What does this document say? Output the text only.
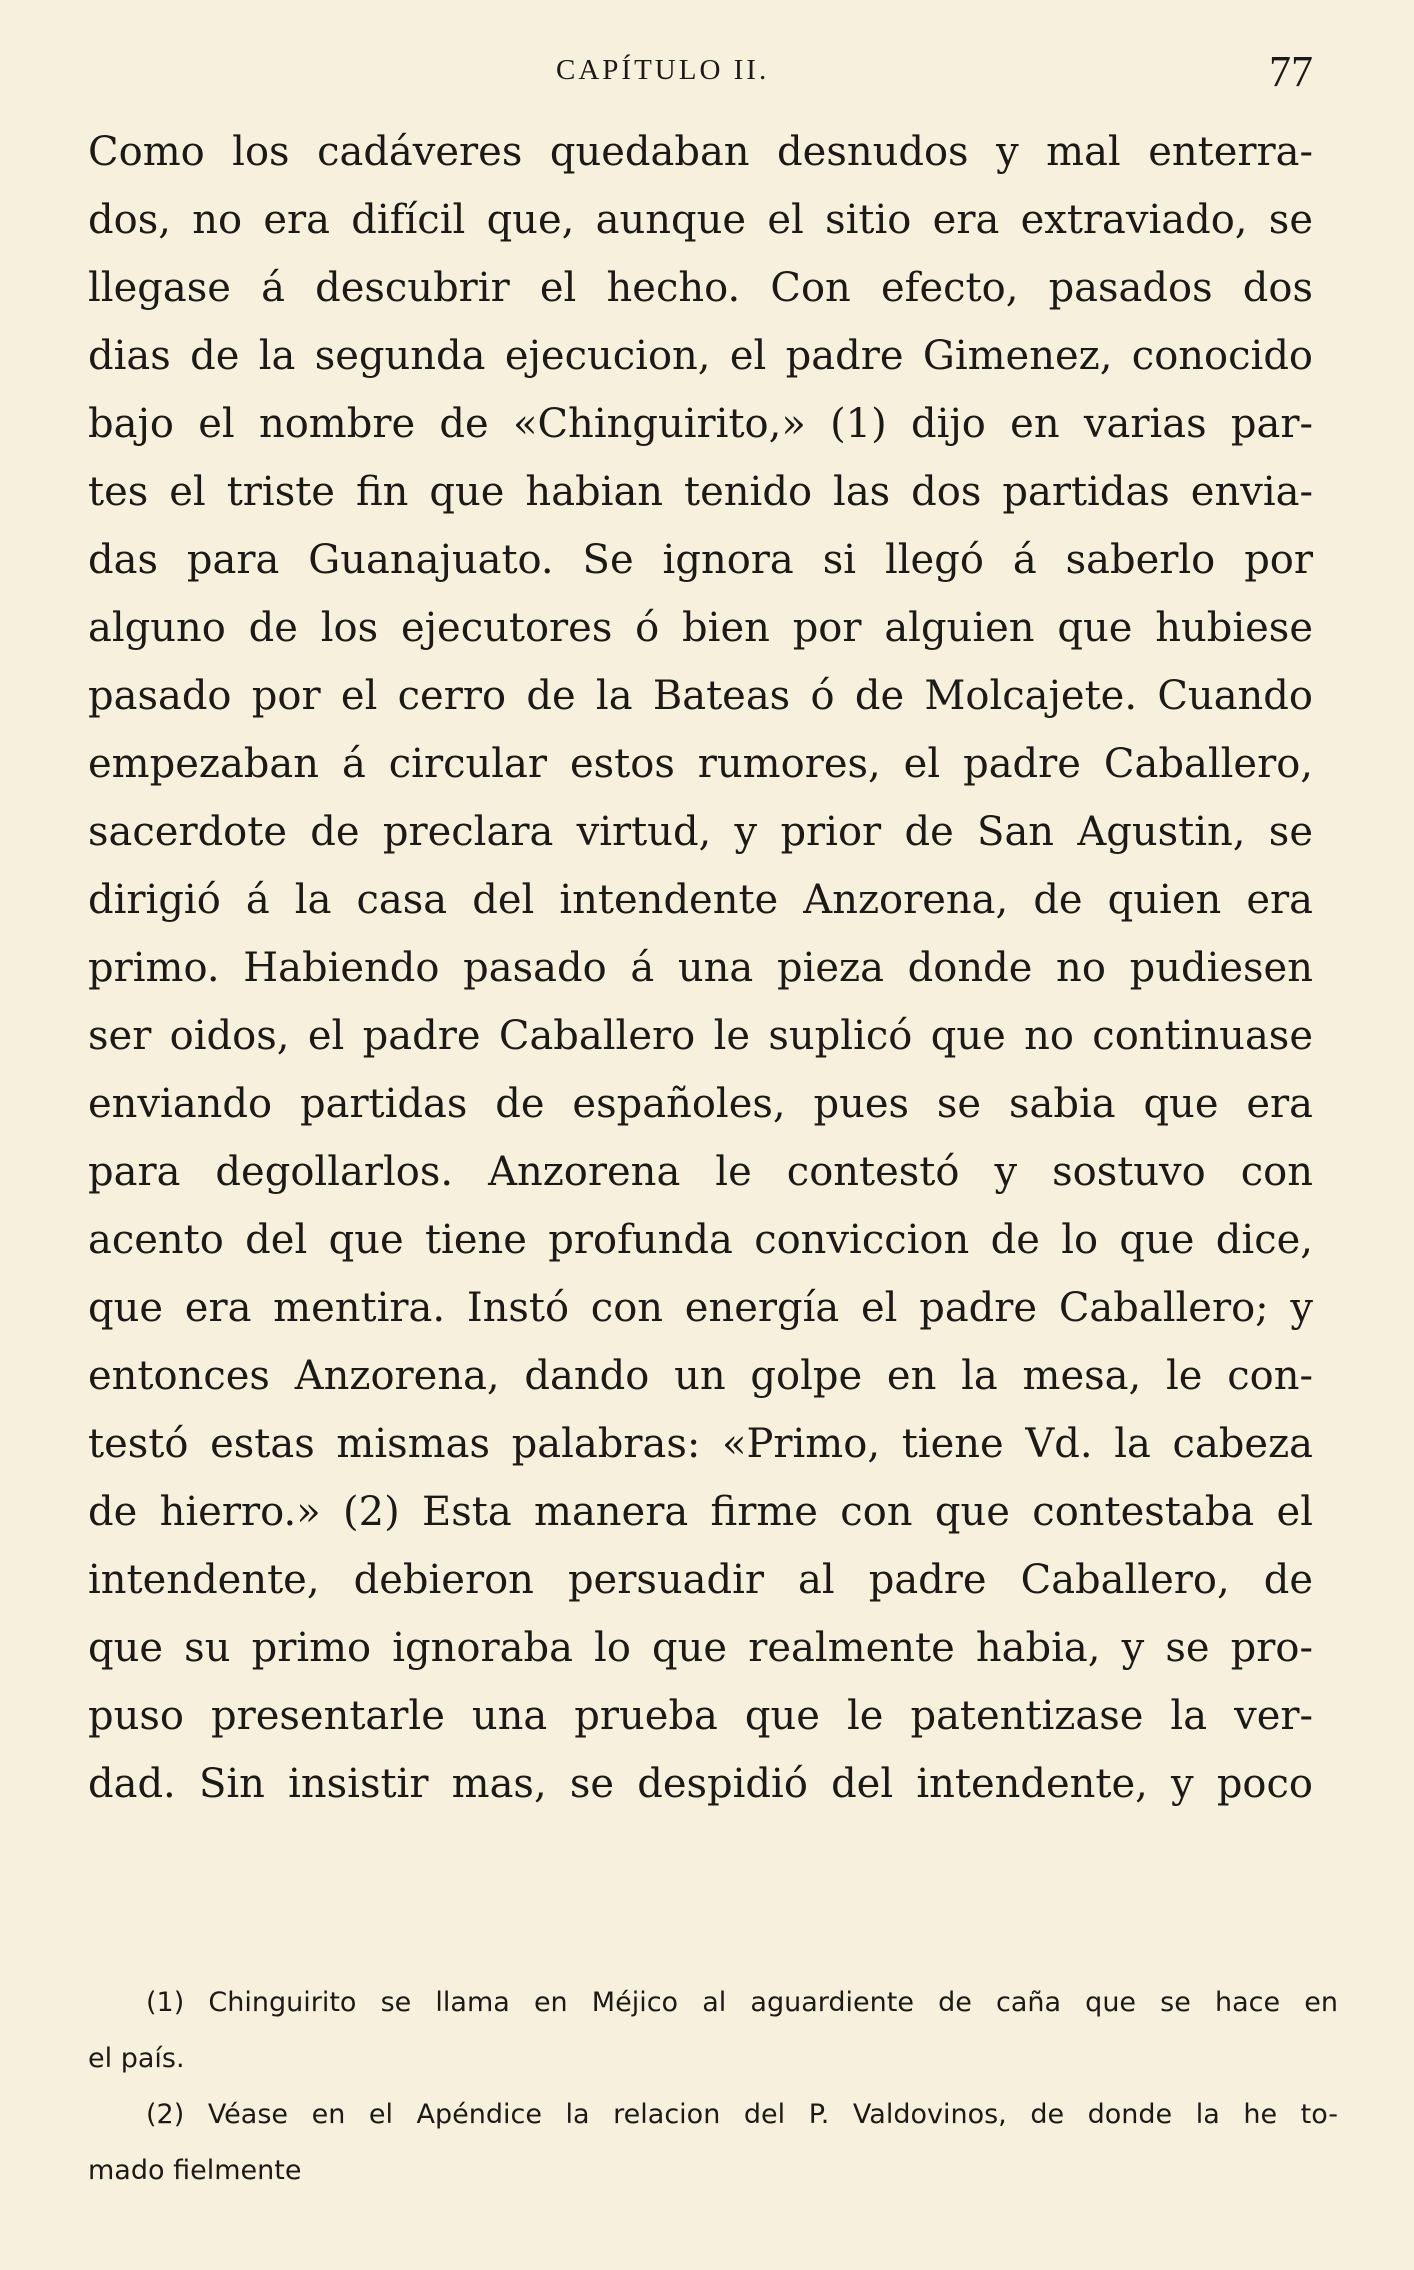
CAPÍTULO II.	77
Como los cadáveres quedaban desnudos y mal enterra-
dos, no era difícil que, aunque el sitio era extraviado, se
llegase á descubrir el hecho. Con efecto, pasados dos
dias de la segunda ejecucion, el padre Gimenez, conocido
bajo el nombre de «Chinguirito,» (1) dijo en varias par-
tes el triste fin que habian tenido las dos partidas envia-
das para Guanajuato. Se ignora si llegó á saberlo por
alguno de los ejecutores ó bien por alguien que hubiese
pasado por el cerro de la Bateas ó de Molcajete. Cuando
empezaban á circular estos rumores, el padre Caballero,
sacerdote de preclara virtud, y prior de San Agustin, se
dirigió á la casa del intendente Anzorena, de quien era
primo. Habiendo pasado á una pieza donde no pudiesen
ser oidos, el padre Caballero le suplicó que no continuase
enviando partidas de españoles, pues se sabia que era
para degollarlos. Anzorena le contestó y sostuvo con
acento del que tiene profunda conviccion de lo que dice,
que era mentira. Instó con energía el padre Caballero; y
entonces Anzorena, dando un golpe en la mesa, le con-
testó estas mismas palabras: «Primo, tiene Vd. la cabeza
de hierro.» (2) Esta manera firme con que contestaba el
intendente, debieron persuadir al padre Caballero, de
que su primo ignoraba lo que realmente habia, y se pro-
puso presentarle una prueba que le patentizase la ver-
dad. Sin insistir mas, se despidió del intendente, y poco
(1) Chinguirito se llama en Méjico al aguardiente de caña que se hace en
el país.
(2) Véase en el Apéndice la relacion del P. Valdovinos, de donde la he to-
mado fielmente
